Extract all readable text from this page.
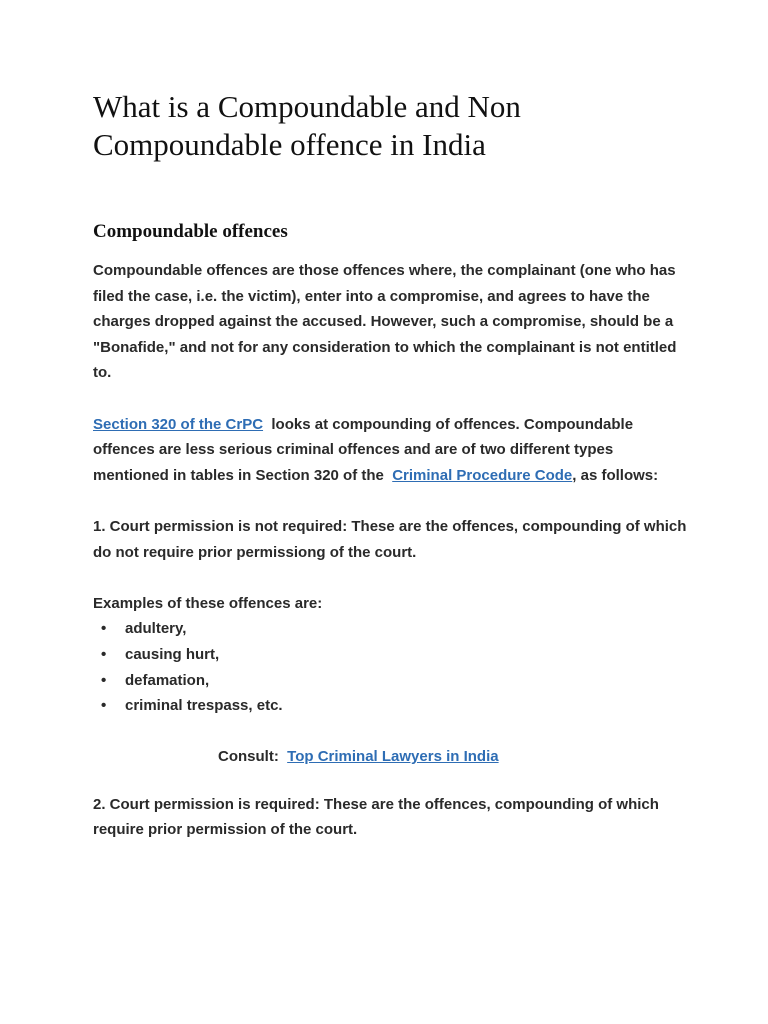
What is a Compoundable and Non
Compoundable offence in India
Compoundable offences

Compoundable offences are those offences where, the complainant (one who has filed the case, i.e. the victim), enter into a compromise, and agrees to have the charges dropped against the accused. However, such a compromise, should be a "Bonafide," and not for any consideration to which the complainant is not entitled to.

Section 320 of the CrPC  looks at compounding of offences. Compoundable offences are less serious criminal offences and are of two different types mentioned in tables in Section 320 of the  Criminal Procedure Code, as follows:

1. Court permission is not required: These are the offences, compounding of which do not require prior permissiong of the court.

Examples of these offences are:
• adultery,
• causing hurt,
• defamation,
• criminal trespass, etc.

Consult:  Top Criminal Lawyers in India

2. Court permission is required: These are the offences, compounding of which require prior permission of the court.
